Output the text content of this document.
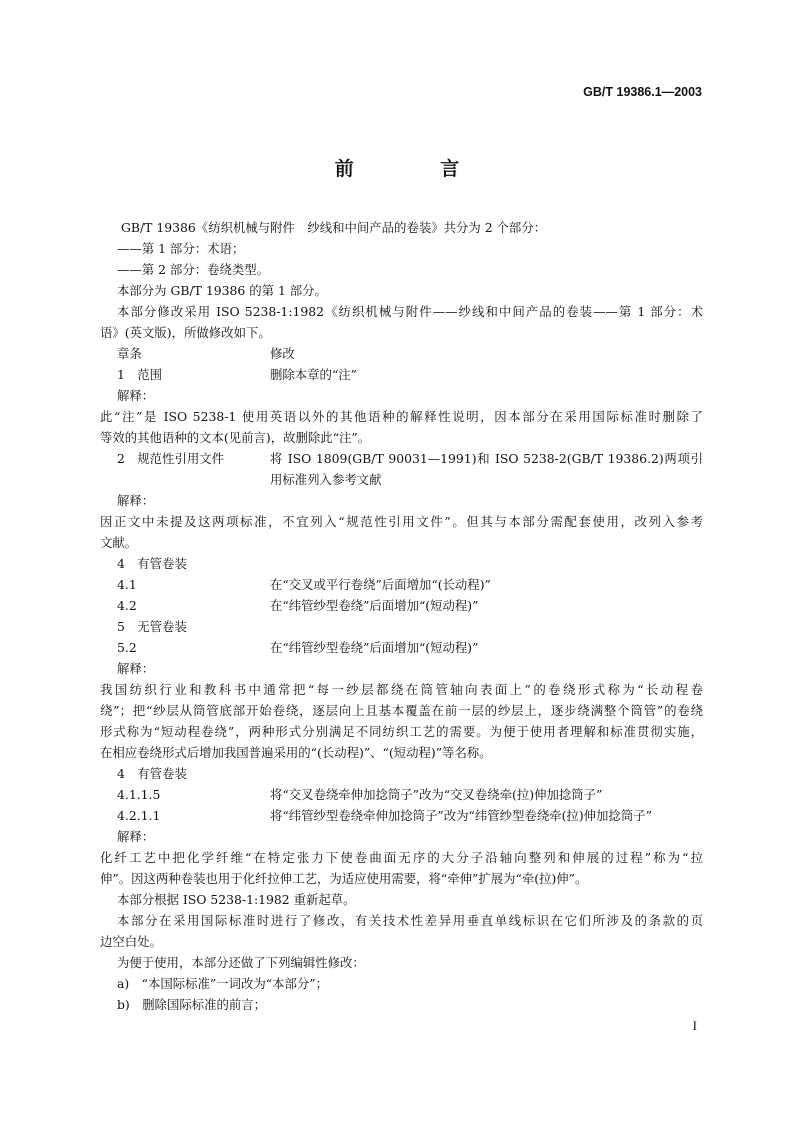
GB/T 19386.1—2003
前 言
GB/T 19386《纺织机械与附件　纱线和中间产品的卷装》共分为 2 个部分：
——第 1 部分：术语；
——第 2 部分：卷绕类型。
本部分为 GB/T 19386 的第 1 部分。
本部分修改采用 ISO 5238-1:1982《纺织机械与附件——纱线和中间产品的卷装——第 1 部分：术
语》(英文版)，所做修改如下。
章条	修改
1　范围	删除本章的“注”
解释：
此“注”是 ISO 5238-1 使用英语以外的其他语种的解释性说明，因本部分在采用国际标准时删除了
等效的其他语种的文本(见前言)，故删除此“注”。
2　规范性引用文件	将 ISO 1809(GB/T 90031—1991)和 ISO 5238-2(GB/T 19386.2)两项引用标准列入参考文献
解释：
因正文中未提及这两项标准，不宜列入“规范性引用文件”。但其与本部分需配套使用，改列入参考
文献。
4　有管卷装
4.1	在“交叉或平行卷绕”后面增加“(长动程)”
4.2	在“纬管纱型卷绕”后面增加“(短动程)”
5　无管卷装
5.2	在“纬管纱型卷绕”后面增加“(短动程)”
解释：
我国纺织行业和教科书中通常把“每一纱层都绕在筒管轴向表面上”的卷绕形式称为“长动程卷
绕”；把“纱层从筒管底部开始卷绕，逐层向上且基本覆盖在前一层的纱层上，逐步绕满整个筒管”的卷绕
形式称为“短动程卷绕”，两种形式分别满足不同纺织工艺的需要。为便于使用者理解和标准贯彻实施，
在相应卷绕形式后增加我国普遍采用的“(长动程)”、“(短动程)”等名称。
4　有管卷装
4.1.1.5	将“交叉卷绕牵伸加捻筒子”改为“交叉卷绕牵(拉)伸加捻筒子”
4.2.1.1	将“纬管纱型卷绕牵伸加捻筒子”改为“纬管纱型卷绕牵(拉)伸加捻筒子”
解释：
化纤工艺中把化学纤维“在特定张力下使卷曲面无序的大分子沿轴向整列和伸展的过程”称为“拉
伸”。因这两种卷装也用于化纤拉伸工艺，为适应使用需要，将“牵伸”扩展为“牵(拉)伸”。
本部分根据 ISO 5238-1:1982 重新起草。
本部分在采用国际标准时进行了修改，有关技术性差异用垂直单线标识在它们所涉及的条款的页
边空白处。
为便于使用，本部分还做了下列编辑性修改：
a)　“本国际标准”一词改为“本部分”；
b)　删除国际标准的前言；
I
